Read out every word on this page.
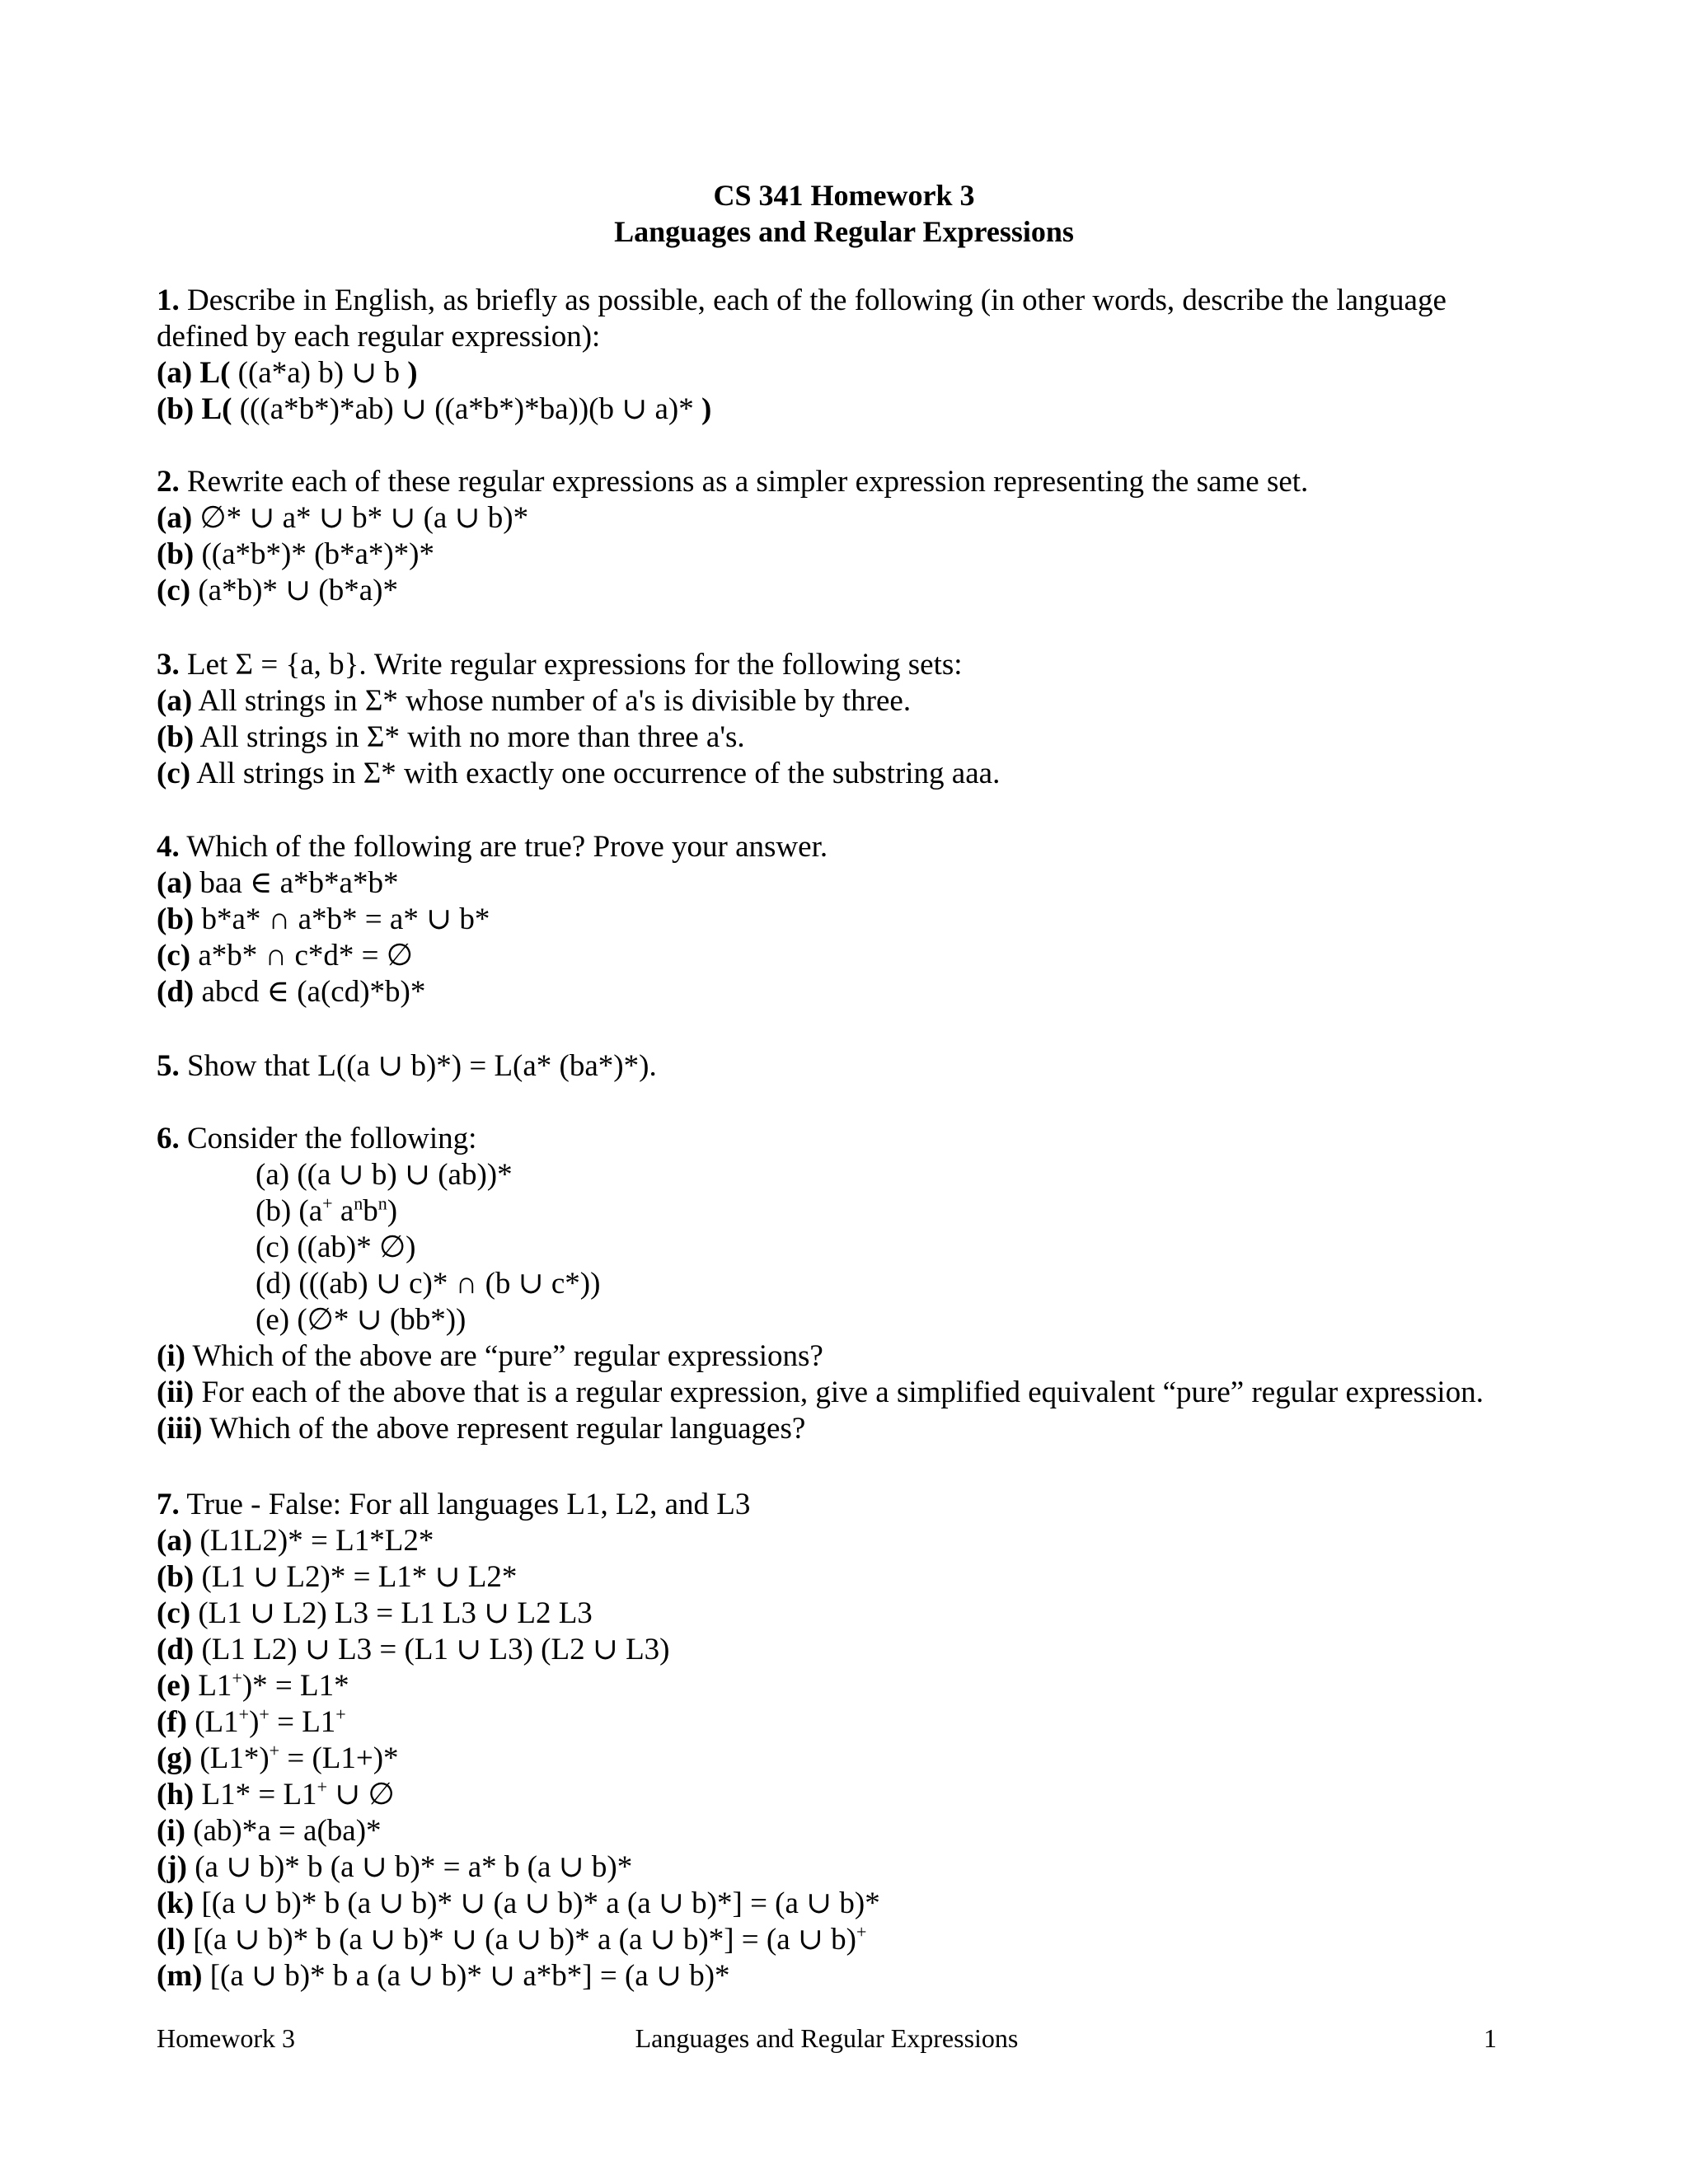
CS 341 Homework 3
Languages and Regular Expressions
1. Describe in English, as briefly as possible, each of the following (in other words, describe the language
defined by each regular expression):
(a) L( ((a*a) b) ∪ b )
(b) L( (((a*b*)*ab) ∪ ((a*b*)*ba))(b ∪ a)* )
2. Rewrite each of these regular expressions as a simpler expression representing the same set.
(a) ∅* ∪ a* ∪ b* ∪ (a ∪ b)*
(b) ((a*b*)* (b*a*)*)*
(c) (a*b)* ∪ (b*a)*
3. Let Σ = {a, b}. Write regular expressions for the following sets:
(a) All strings in Σ* whose number of a's is divisible by three.
(b) All strings in Σ* with no more than three a's.
(c) All strings in Σ* with exactly one occurrence of the substring aaa.
4. Which of the following are true? Prove your answer.
(a) baa ∈ a*b*a*b*
(b) b*a* ∩ a*b* = a* ∪ b*
(c) a*b* ∩ c*d* = ∅
(d) abcd ∈ (a(cd)*b)*
5. Show that L((a ∪ b)*) = L(a* (ba*)*).
6. Consider the following:
(a) ((a ∪ b) ∪ (ab))*
(b) (a+ $a^nb^n$)
(c) ((ab)* ∅)
(d) (((ab) ∪ c)* ∩ (b ∪ c*))
(e) (∅* ∪ (bb*))
(i) Which of the above are “pure” regular expressions?
(ii) For each of the above that is a regular expression, give a simplified equivalent “pure” regular expression.
(iii) Which of the above represent regular languages?
7. True - False: For all languages L1, L2, and L3
(a) (L1L2)* = L1*L2*
(b) (L1 ∪ L2)* = L1* ∪ L2*
(c) (L1 ∪ L2) L3 = L1 L3 ∪ L2 L3
(d) (L1 L2) ∪ L3 = (L1 ∪ L3) (L2 ∪ L3)
(e) L1+)* = L1*
(f) (L1+)+ = L1+
(g) (L1*)+ = (L1+)*
(h) L1* = L1+ ∪ ∅
(i) (ab)*a = a(ba)*
(j) (a ∪ b)* b (a ∪ b)* = a* b (a ∪ b)*
(k) [(a ∪ b)* b (a ∪ b)* ∪ (a ∪ b)* a (a ∪ b)*] = (a ∪ b)*
(l) [(a ∪ b)* b (a ∪ b)* ∪ (a ∪ b)* a (a ∪ b)*] = (a ∪ b)+
(m) [(a ∪ b)* b a (a ∪ b)* ∪ a*b*] = (a ∪ b)*
Languages and Regular Expressions
Homework 3	1
